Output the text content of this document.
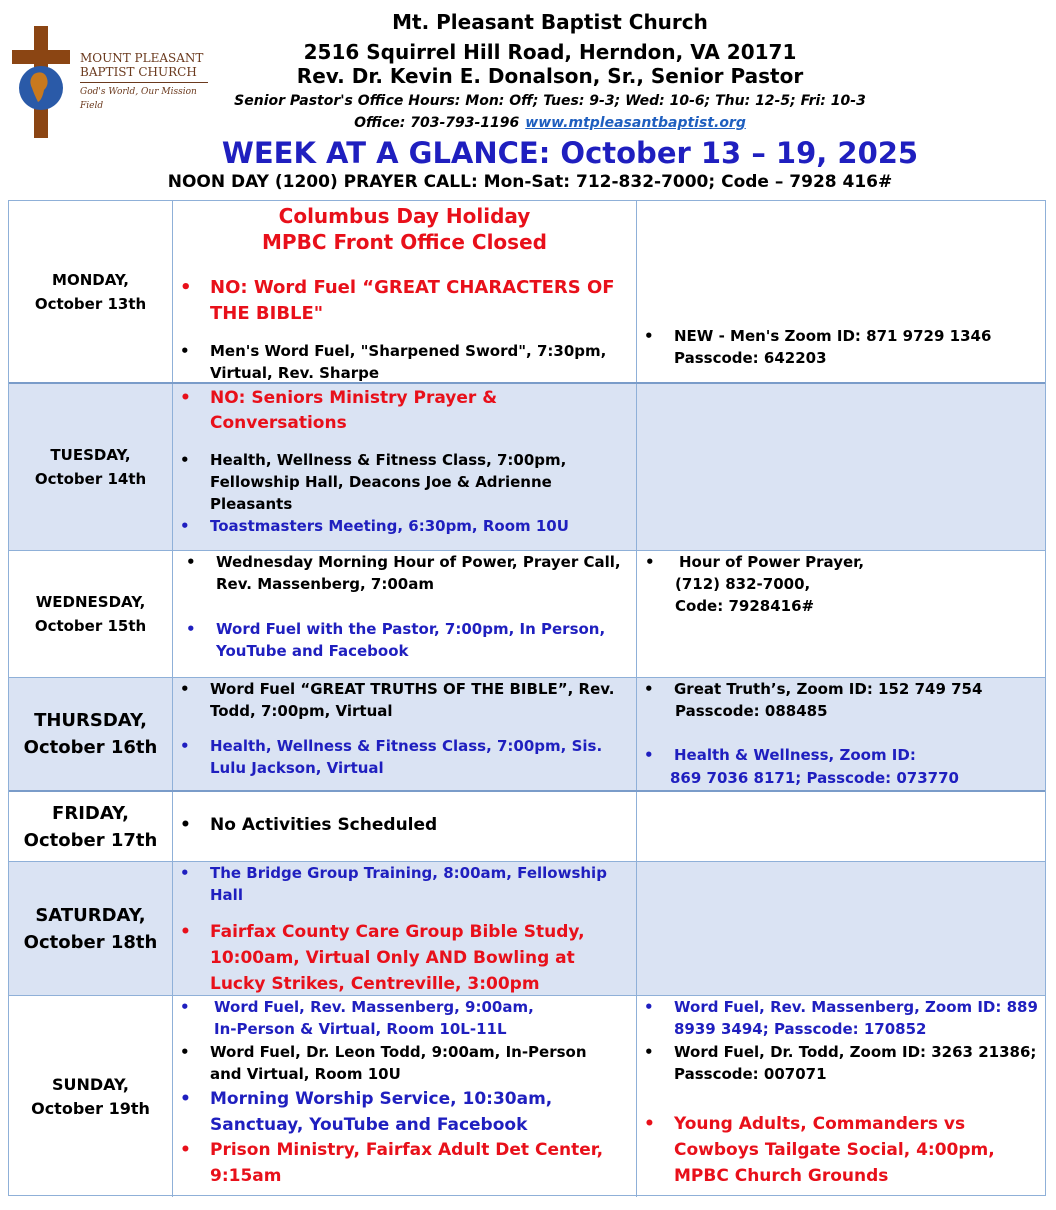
MOUNT PLEASANT
BAPTIST CHURCH
God's World, Our Mission Field
Mt. Pleasant Baptist Church
2516 Squirrel Hill Road, Herndon, VA 20171
Rev. Dr. Kevin E. Donalson, Sr., Senior Pastor
Senior Pastor's Office Hours: Mon: Off; Tues: 9-3; Wed: 10-6; Thu: 12-5; Fri: 10-3
Office: 703-793-1196 www.mtpleasantbaptist.org
WEEK AT A GLANCE: October 13 – 19, 2025
NOON DAY (1200) PRAYER CALL: Mon-Sat: 712-832-7000; Code – 7928 416#
MONDAY,
October 13th
Columbus Day Holiday
MPBC Front Office Closed
• NO: Word Fuel “GREAT CHARACTERS OF THE BIBLE"
• Men's Word Fuel, "Sharpened Sword", 7:30pm, Virtual, Rev. Sharpe
• NEW - Men's Zoom ID: 871 9729 1346 Passcode: 642203
TUESDAY,
October 14th
• NO: Seniors Ministry Prayer & Conversations
• Health, Wellness & Fitness Class, 7:00pm, Fellowship Hall, Deacons Joe & Adrienne Pleasants
• Toastmasters Meeting, 6:30pm, Room 10U
WEDNESDAY,
October 15th
• Wednesday Morning Hour of Power, Prayer Call, Rev. Massenberg, 7:00am
• Word Fuel with the Pastor, 7:00pm, In Person, YouTube and Facebook
• Hour of Power Prayer,
(712) 832-7000,
Code: 7928416#
THURSDAY,
October 16th
• Word Fuel “GREAT TRUTHS OF THE BIBLE”, Rev. Todd, 7:00pm, Virtual
• Health, Wellness & Fitness Class, 7:00pm, Sis. Lulu Jackson, Virtual
• Great Truth’s, Zoom ID: 152 749 754
Passcode: 088485
• Health & Wellness, Zoom ID:
869 7036 8171; Passcode: 073770
FRIDAY,
October 17th
• No Activities Scheduled
SATURDAY,
October 18th
• The Bridge Group Training, 8:00am, Fellowship Hall
• Fairfax County Care Group Bible Study, 10:00am, Virtual Only AND Bowling at Lucky Strikes, Centreville, 3:00pm
SUNDAY,
October 19th
• Word Fuel, Rev. Massenberg, 9:00am,
In-Person & Virtual, Room 10L-11L
• Word Fuel, Dr. Leon Todd, 9:00am, In-Person and Virtual, Room 10U
• Morning Worship Service, 10:30am, Sanctuay, YouTube and Facebook
• Prison Ministry, Fairfax Adult Det Center, 9:15am
• Word Fuel, Rev. Massenberg, Zoom ID: 889 8939 3494; Passcode: 170852
• Word Fuel, Dr. Todd, Zoom ID: 3263 21386; Passcode: 007071
• Young Adults, Commanders vs Cowboys Tailgate Social, 4:00pm, MPBC Church Grounds
